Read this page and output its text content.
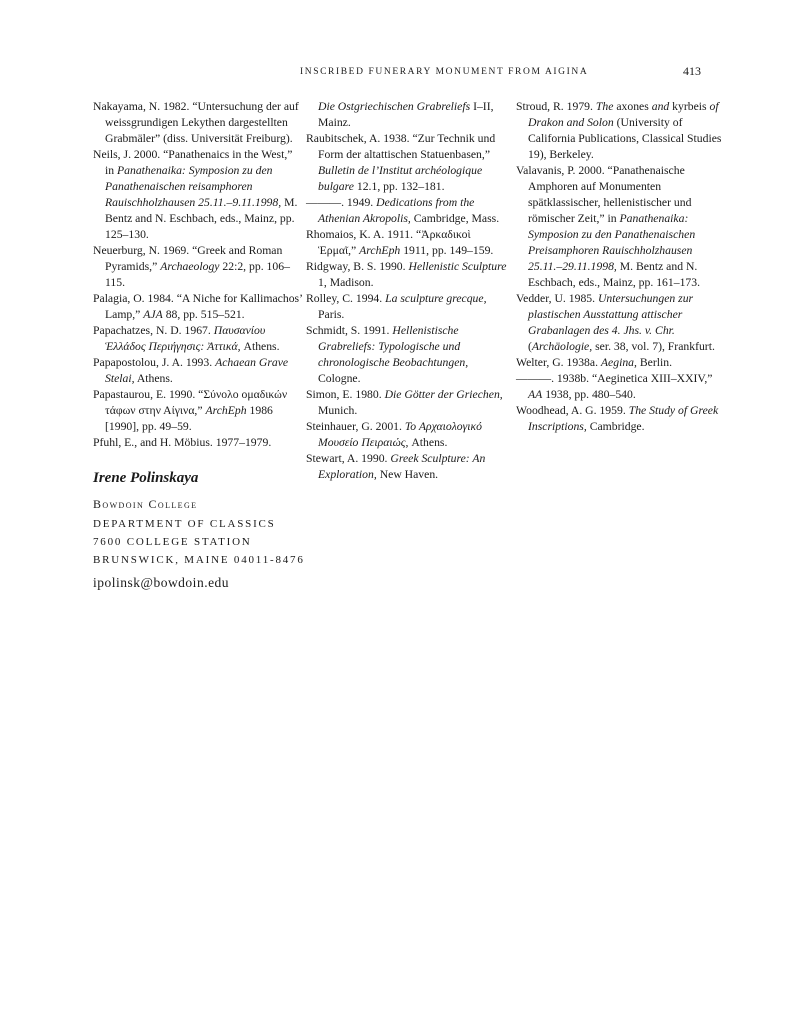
INSCRIBED FUNERARY MONUMENT FROM AIGINA	413

Nakayama, N. 1982. “Untersuchung der auf weissgrundigen Lekythen dargestellten Grabmäler” (diss. Universität Freiburg).

Neils, J. 2000. “Panathenaics in the West,” in Panathenaika: Symposion zu den Panathenaischen reisamphoren Rauischholzhausen 25.11.–9.11.1998, M. Bentz and N. Eschbach, eds., Mainz, pp. 125–130.

Neuerburg, N. 1969. “Greek and Roman Pyramids,” Archaeology 22:2, pp. 106–115.

Palagia, O. 1984. “A Niche for Kallimachos’ Lamp,” AJA 88, pp. 515–521.

Papachatzes, N. D. 1967. Παυσανίου Ἑλλάδος Περιήγησις: Ἀττικά, Athens.

Papapostolou, J. A. 1993. Achaean Grave Stelai, Athens.

Papastaurou, E. 1990. “Σύνολο ομαδικών τάφων στην Αίγινα,” ArchEph 1986 [1990], pp. 49–59.

Pfuhl, E., and H. Möbius. 1977–1979.

Die Ostgriechischen Grabreliefs I–II, Mainz.

Raubitschek, A. 1938. “Zur Technik und Form der altattischen Statuenbasen,” Bulletin de l’Institut archéologique bulgare 12.1, pp. 132–181.

———. 1949. Dedications from the Athenian Akropolis, Cambridge, Mass.

Rhomaios, K. A. 1911. “Ἀρκαδικοὶ Ἑρμαῖ,” ArchEph 1911, pp. 149–159.

Ridgway, B. S. 1990. Hellenistic Sculpture 1, Madison.

Rolley, C. 1994. La sculpture grecque, Paris.

Schmidt, S. 1991. Hellenistische Grabreliefs: Typologische und chronologische Beobachtungen, Cologne.

Simon, E. 1980. Die Götter der Griechen, Munich.

Steinhauer, G. 2001. Το Αρχαιολογικό Μουσείο Πειραιώς, Athens.

Stewart, A. 1990. Greek Sculpture: An Exploration, New Haven.

Stroud, R. 1979. The axones and kyrbeis of Drakon and Solon (University of California Publications, Classical Studies 19), Berkeley.

Valavanis, P. 2000. “Panathenaische Amphoren auf Monumenten spätklassischer, hellenistischer und römischer Zeit,” in Panathenaika: Symposion zu den Panathenaischen Preisamphoren Rauischholzhausen 25.11.–29.11.1998, M. Bentz and N. Eschbach, eds., Mainz, pp. 161–173.

Vedder, U. 1985. Untersuchungen zur plastischen Ausstattung attischer Grabanlagen des 4. Jhs. v. Chr. (Archäologie, ser. 38, vol. 7), Frankfurt.

Welter, G. 1938a. Aegina, Berlin.

———. 1938b. “Aeginetica XIII–XXIV,” AA 1938, pp. 480–540.

Woodhead, A. G. 1959. The Study of Greek Inscriptions, Cambridge.

Irene Polinskaya
Bowdoin College
DEPARTMENT OF CLASSICS
7600 COLLEGE STATION
BRUNSWICK, MAINE 04011-8476
ipolinsk@bowdoin.edu
